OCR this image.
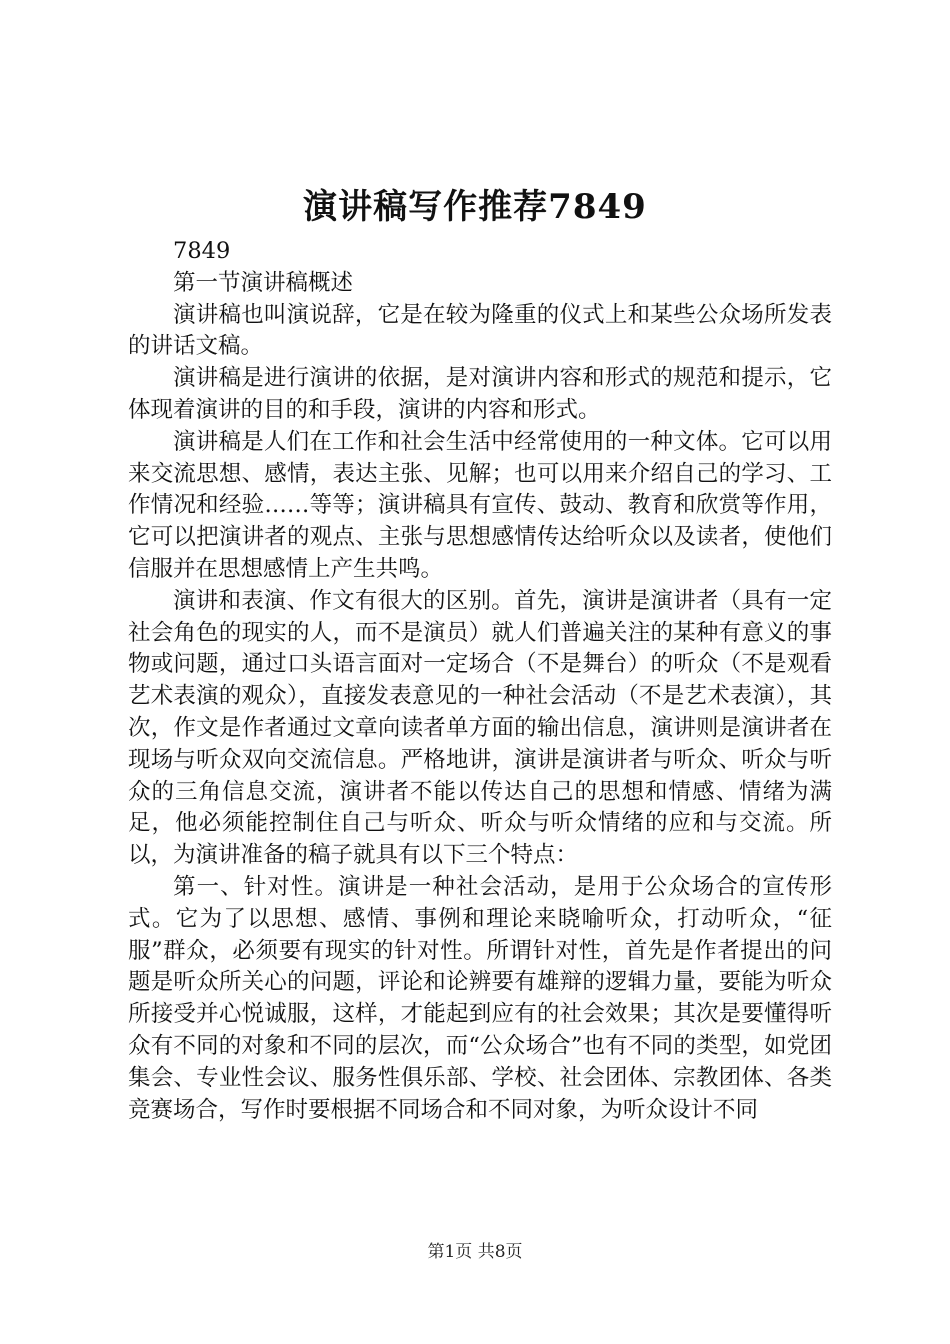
演讲稿写作推荐7849

7849

第一节演讲稿概述

演讲稿也叫演说辞，它是在较为隆重的仪式上和某些公众场所发表的讲话文稿。

演讲稿是进行演讲的依据，是对演讲内容和形式的规范和提示，它体现着演讲的目的和手段，演讲的内容和形式。

演讲稿是人们在工作和社会生活中经常使用的一种文体。它可以用来交流思想、感情，表达主张、见解；也可以用来介绍自己的学习、工作情况和经验……等等；演讲稿具有宣传、鼓动、教育和欣赏等作用，它可以把演讲者的观点、主张与思想感情传达给听众以及读者，使他们信服并在思想感情上产生共鸣。

演讲和表演、作文有很大的区别。首先，演讲是演讲者（具有一定社会角色的现实的人，而不是演员）就人们普遍关注的某种有意义的事物或问题，通过口头语言面对一定场合（不是舞台）的听众（不是观看艺术表演的观众），直接发表意见的一种社会活动（不是艺术表演），其次，作文是作者通过文章向读者单方面的输出信息，演讲则是演讲者在现场与听众双向交流信息。严格地讲，演讲是演讲者与听众、听众与听众的三角信息交流，演讲者不能以传达自己的思想和情感、情绪为满足，他必须能控制住自己与听众、听众与听众情绪的应和与交流。所以，为演讲准备的稿子就具有以下三个特点：

第一、针对性。演讲是一种社会活动，是用于公众场合的宣传形式。它为了以思想、感情、事例和理论来晓喻听众，打动听众，“征服”群众，必须要有现实的针对性。所谓针对性，首先是作者提出的问题是听众所关心的问题，评论和论辨要有雄辩的逻辑力量，要能为听众所接受并心悦诚服，这样，才能起到应有的社会效果；其次是要懂得听众有不同的对象和不同的层次，而“公众场合”也有不同的类型，如党团集会、专业性会议、服务性俱乐部、学校、社会团体、宗教团体、各类竞赛场合，写作时要根据不同场合和不同对象，为听众设计不同

第1页 共8页
